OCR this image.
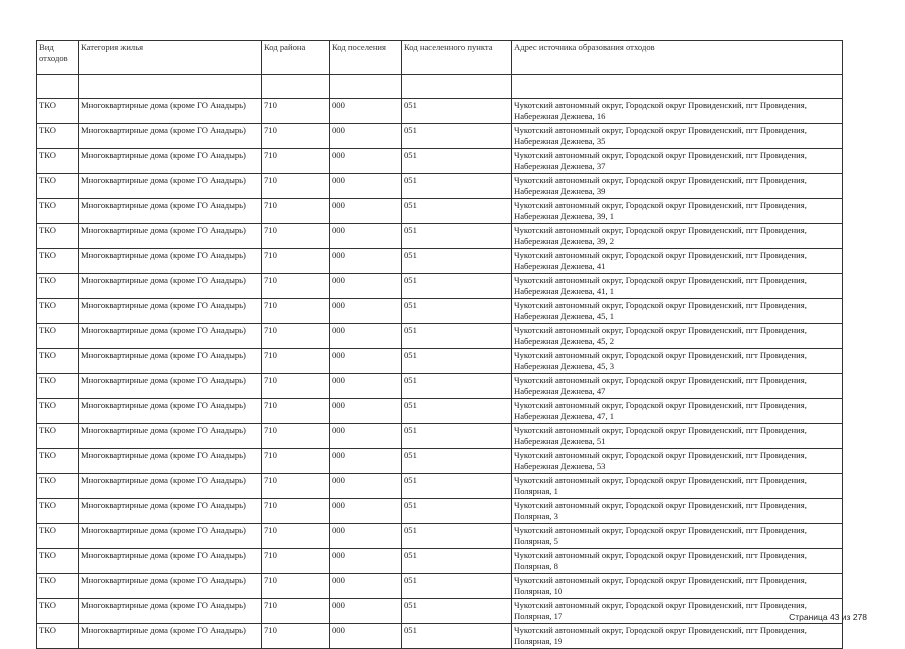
Вид отходов	Категория жилья	Код района	Код поселения	Код населенного пункта	Адрес источника образования отходов

ТКО	Многоквартирные дома (кроме ГО Анадырь)	710	000	051	Чукотский автономный округ, Городской округ Провиденский, пгт Провидения, Набережная Дежнева, 16
ТКО	Многоквартирные дома (кроме ГО Анадырь)	710	000	051	Чукотский автономный округ, Городской округ Провиденский, пгт Провидения, Набережная Дежнева, 35
ТКО	Многоквартирные дома (кроме ГО Анадырь)	710	000	051	Чукотский автономный округ, Городской округ Провиденский, пгт Провидения, Набережная Дежнева, 37
ТКО	Многоквартирные дома (кроме ГО Анадырь)	710	000	051	Чукотский автономный округ, Городской округ Провиденский, пгт Провидения, Набережная Дежнева, 39
ТКО	Многоквартирные дома (кроме ГО Анадырь)	710	000	051	Чукотский автономный округ, Городской округ Провиденский, пгт Провидения, Набережная Дежнева, 39, 1
ТКО	Многоквартирные дома (кроме ГО Анадырь)	710	000	051	Чукотский автономный округ, Городской округ Провиденский, пгт Провидения, Набережная Дежнева, 39, 2
ТКО	Многоквартирные дома (кроме ГО Анадырь)	710	000	051	Чукотский автономный округ, Городской округ Провиденский, пгт Провидения, Набережная Дежнева, 41
ТКО	Многоквартирные дома (кроме ГО Анадырь)	710	000	051	Чукотский автономный округ, Городской округ Провиденский, пгт Провидения, Набережная Дежнева, 41, 1
ТКО	Многоквартирные дома (кроме ГО Анадырь)	710	000	051	Чукотский автономный округ, Городской округ Провиденский, пгт Провидения, Набережная Дежнева, 45, 1
ТКО	Многоквартирные дома (кроме ГО Анадырь)	710	000	051	Чукотский автономный округ, Городской округ Провиденский, пгт Провидения, Набережная Дежнева, 45, 2
ТКО	Многоквартирные дома (кроме ГО Анадырь)	710	000	051	Чукотский автономный округ, Городской округ Провиденский, пгт Провидения, Набережная Дежнева, 45, 3
ТКО	Многоквартирные дома (кроме ГО Анадырь)	710	000	051	Чукотский автономный округ, Городской округ Провиденский, пгт Провидения, Набережная Дежнева, 47
ТКО	Многоквартирные дома (кроме ГО Анадырь)	710	000	051	Чукотский автономный округ, Городской округ Провиденский, пгт Провидения, Набережная Дежнева, 47, 1
ТКО	Многоквартирные дома (кроме ГО Анадырь)	710	000	051	Чукотский автономный округ, Городской округ Провиденский, пгт Провидения, Набережная Дежнева, 51
ТКО	Многоквартирные дома (кроме ГО Анадырь)	710	000	051	Чукотский автономный округ, Городской округ Провиденский, пгт Провидения, Набережная Дежнева, 53
ТКО	Многоквартирные дома (кроме ГО Анадырь)	710	000	051	Чукотский автономный округ, Городской округ Провиденский, пгт Провидения, Полярная, 1
ТКО	Многоквартирные дома (кроме ГО Анадырь)	710	000	051	Чукотский автономный округ, Городской округ Провиденский, пгт Провидения, Полярная, 3
ТКО	Многоквартирные дома (кроме ГО Анадырь)	710	000	051	Чукотский автономный округ, Городской округ Провиденский, пгт Провидения, Полярная, 5
ТКО	Многоквартирные дома (кроме ГО Анадырь)	710	000	051	Чукотский автономный округ, Городской округ Провиденский, пгт Провидения, Полярная, 8
ТКО	Многоквартирные дома (кроме ГО Анадырь)	710	000	051	Чукотский автономный округ, Городской округ Провиденский, пгт Провидения, Полярная, 10
ТКО	Многоквартирные дома (кроме ГО Анадырь)	710	000	051	Чукотский автономный округ, Городской округ Провиденский, пгт Провидения, Полярная, 17
ТКО	Многоквартирные дома (кроме ГО Анадырь)	710	000	051	Чукотский автономный округ, Городской округ Провиденский, пгт Провидения, Полярная, 19
Страница 43 из 278
